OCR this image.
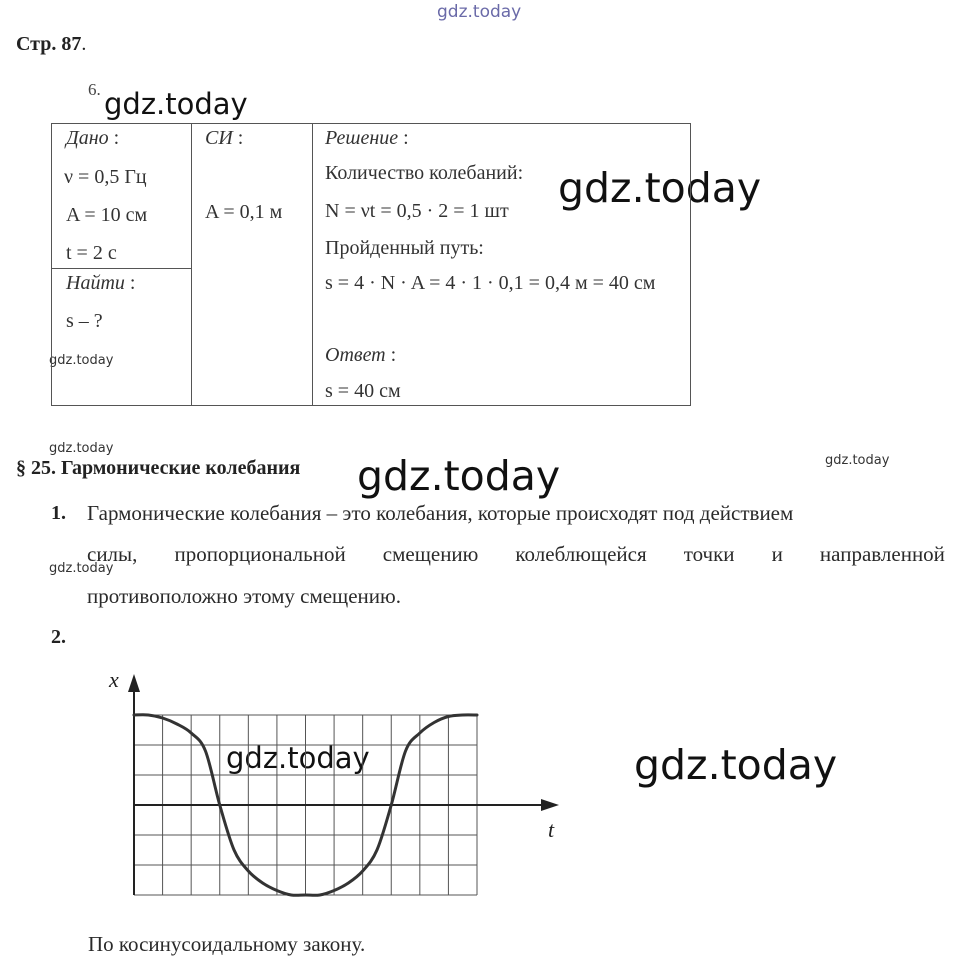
gdz.today
gdz.today
gdz.today
gdz.today
gdz.today
gdz.today	gdz.today
gdz.today
gdz.today	gdz.today
Стр. 87.
6.
Дано :
ν = 0,5 Гц
A = 10 см
t = 2 с
Найти :
s – ?
СИ :
A = 0,1 м
Решение :
Количество колебаний:
N = νt = 0,5 · 2 = 1 шт
Пройденный путь:
s = 4 · N · A = 4 · 1 · 0,1 = 0,4 м = 40 см
Ответ :
s = 40 см
§ 25. Гармонические колебания
1. Гармонические колебания – это колебания, которые происходят под действием
силы, пропорциональной смещению колеблющейся точки и направленной
противоположно этому смещению.
2.
x
t
По косинусоидальному закону.
